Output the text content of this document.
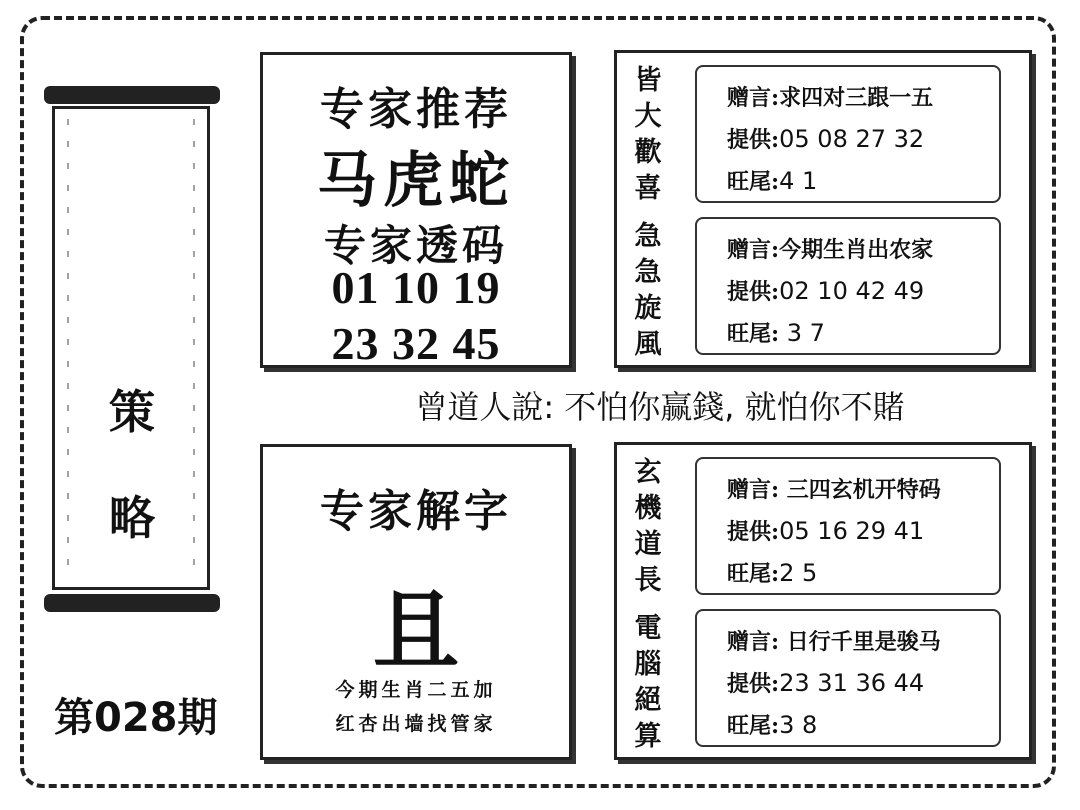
策
略
第028期
专家推荐
马虎蛇
专家透码
01 10 19
23 32 45
曾道人說: 不怕你赢錢, 就怕你不賭
专家解字
且
今期生肖二五加
红杏出墙找管家
皆
大
歡
喜
急
急
旋
風
赠言:求四对三跟一五
提供:05 08 27 32
旺尾:4 1
赠言:今期生肖出农家
提供:02 10 42 49
旺尾: 3 7
玄
機
道
長
電
腦
絕
算
赠言: 三四玄机开特码
提供:05 16 29 41
旺尾:2 5
赠言: 日行千里是骏马
提供:23 31 36 44
旺尾:3 8
